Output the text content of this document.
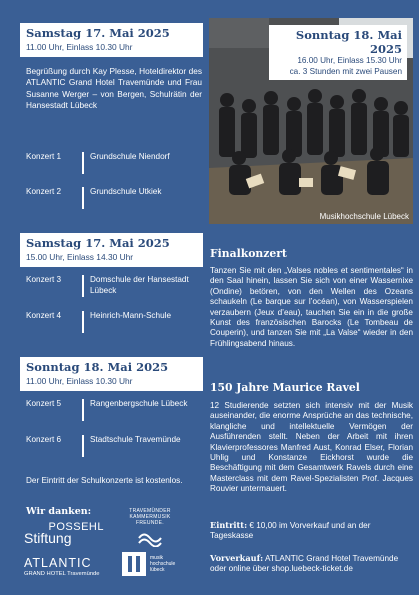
Samstag 17. Mai 2025
11.00 Uhr, Einlass 10.30 Uhr
Begrüßung durch Kay Plesse, Hoteldirektor des ATLANTIC Grand Hotel Travemünde und Frau Susanne Werger – von Bergen, Schulrätin der Hansestadt Lübeck
Konzert 1	Grundschule Niendorf
Konzert 2	Grundschule Utkiek
Samstag 17. Mai 2025
15.00 Uhr, Einlass 14.30 Uhr
Konzert 3	Domschule der Hansestadt Lübeck
Konzert 4	Heinrich-Mann-Schule
Sonntag 18. Mai 2025
11.00 Uhr, Einlass 10.30 Uhr
Konzert 5	Rangenbergschule Lübeck
Konzert 6	Stadtschule Travemünde
Der Eintritt der Schulkonzerte ist kostenlos.
Wir danken:
POSSEHL
Stiftung
TRAVEMÜNDER KAMMERMUSIK FREUNDE.
ATLANTIC
GRAND HOTEL Travemünde
musik hochschule lübeck
Sonntag 18. Mai 2025
16.00 Uhr, Einlass 15.30 Uhr
ca. 3 Stunden mit zwei Pausen
Musikhochschule Lübeck
Finalkonzert
Tanzen Sie mit den „Valses nobles et sentimentales“ in den Saal hinein, lassen Sie sich von einer Wassernixe (Ondine) betören, von den Wellen des Ozeans schaukeln (Le barque sur l’océan), von Wasserspielen verzaubern (Jeux d’eau), tauchen Sie ein in die große Kunst des französischen Barocks (Le Tombeau de Couperin), und tanzen Sie mit „La Valse“ wieder in den Frühlingsabend hinaus.
150 Jahre Maurice Ravel
12 Studierende setzten sich intensiv mit der Musik auseinander, die enorme Ansprüche an das technische, klangliche und intellektuelle Vermögen der Ausführenden stellt. Neben der Arbeit mit ihren Klavierprofessores Manfred Aust, Konrad Elser, Florian Uhlig und Konstanze Eickhorst wurde die Beschäftigung mit dem Gesamtwerk Ravels durch eine Masterclass mit dem Ravel-Spezialisten Prof. Jacques Rouvier untermauert.
Eintritt: € 10,00 im Vorverkauf und an der Tageskasse
Vorverkauf: ATLANTIC Grand Hotel Travemünde oder online über shop.luebeck-ticket.de
